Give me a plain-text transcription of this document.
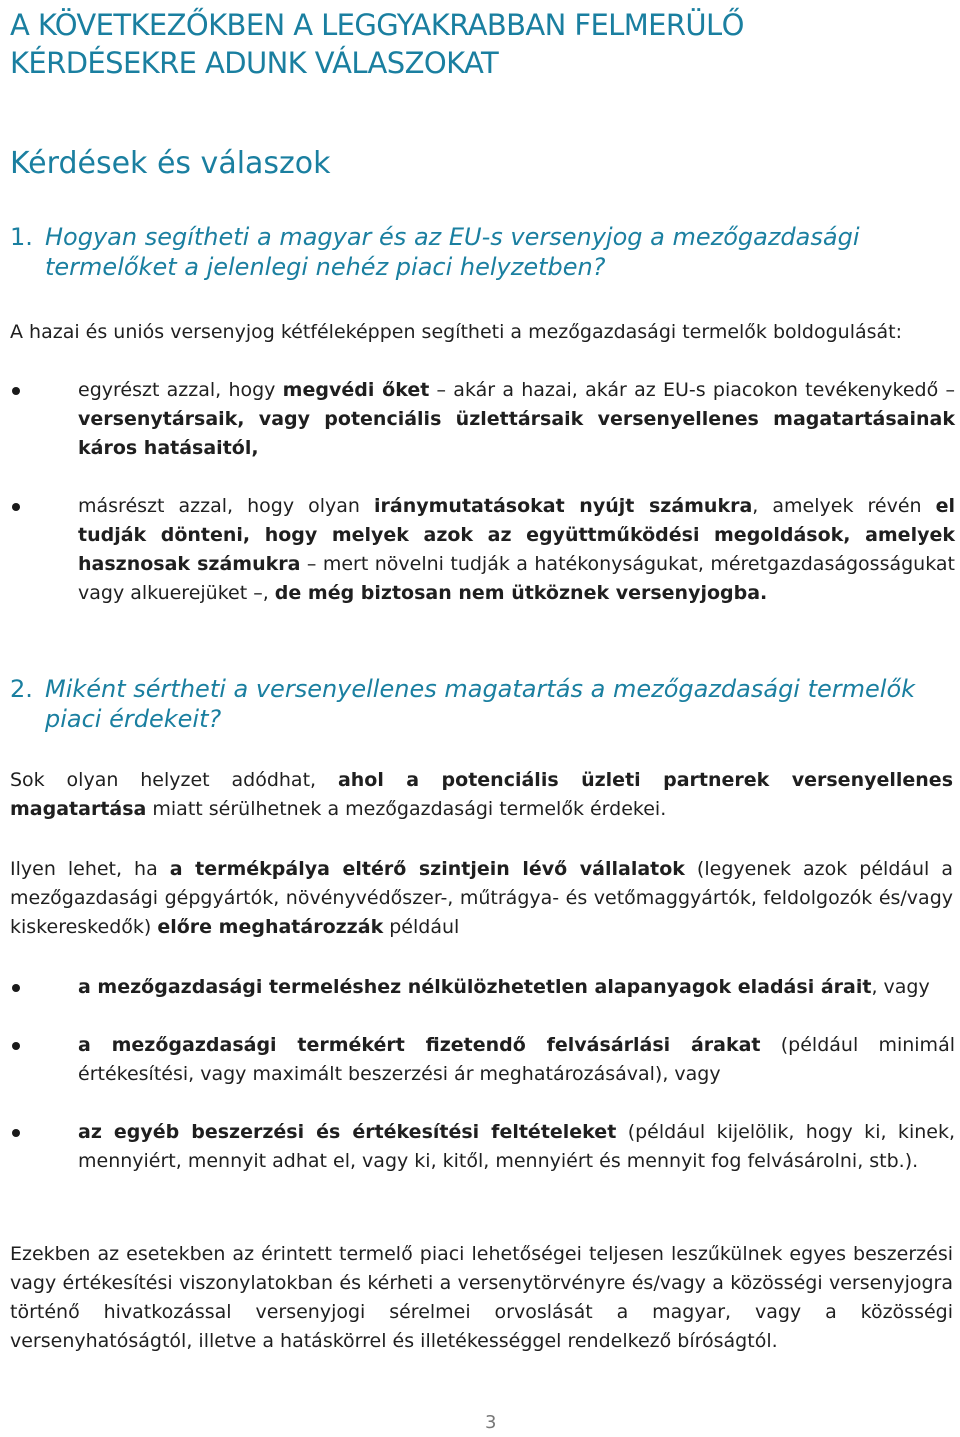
A KÖVETKEZŐKBEN A LEGGYAKRABBAN FELMERÜLŐ
KÉRDÉSEKRE ADUNK VÁLASZOKAT
Kérdések és válaszok
1. Hogyan segítheti a magyar és az EU-s versenyjog a mezőgazdasági
termelőket a jelenlegi nehéz piaci helyzetben?

A hazai és uniós versenyjog kétféleképpen segítheti a mezőgazdasági termelők boldogulását:

egyrészt azzal, hogy megvédi őket – akár a hazai, akár az EU-s piacokon tevékenykedő – versenytársaik, vagy potenciális üzlettársaik versenyellenes magatartásainak káros hatásaitól,
másrészt azzal, hogy olyan iránymutatásokat nyújt számukra, amelyek révén el tudják dönteni, hogy melyek azok az együttműködési megoldások, amelyek hasznosak számukra – mert növelni tudják a hatékonyságukat, méretgazdaságosságukat vagy alkuerejüket –, de még biztosan nem ütköznek versenyjogba.
2. Miként sértheti a versenyellenes magatartás a mezőgazdasági termelők
piaci érdekeit?

Sok olyan helyzet adódhat, ahol a potenciális üzleti partnerek versenyellenes magatartása miatt sérülhetnek a mezőgazdasági termelők érdekei.

Ilyen lehet, ha a termékpálya eltérő szintjein lévő vállalatok (legyenek azok például a mezőgazdasági gépgyártók, növényvédőszer-, műtrágya- és vetőmaggyártók, feldolgozók és/vagy kiskereskedők) előre meghatározzák például

a mezőgazdasági termeléshez nélkülözhetetlen alapanyagok eladási árait, vagy
a mezőgazdasági termékért fizetendő felvásárlási árakat (például minimál értékesítési, vagy maximált beszerzési ár meghatározásával), vagy
az egyéb beszerzési és értékesítési feltételeket (például kijelölik, hogy ki, kinek, mennyiért, mennyit adhat el, vagy ki, kitől, mennyiért és mennyit fog felvásárolni, stb.).

Ezekben az esetekben az érintett termelő piaci lehetőségei teljesen leszűkülnek egyes beszerzési vagy értékesítési viszonylatokban és kérheti a versenytörvényre és/vagy a közösségi versenyjogra történő hivatkozással versenyjogi sérelmei orvoslását a magyar, vagy a közösségi versenyhatóságtól, illetve a hatáskörrel és illetékességgel rendelkező bíróságtól.

3
